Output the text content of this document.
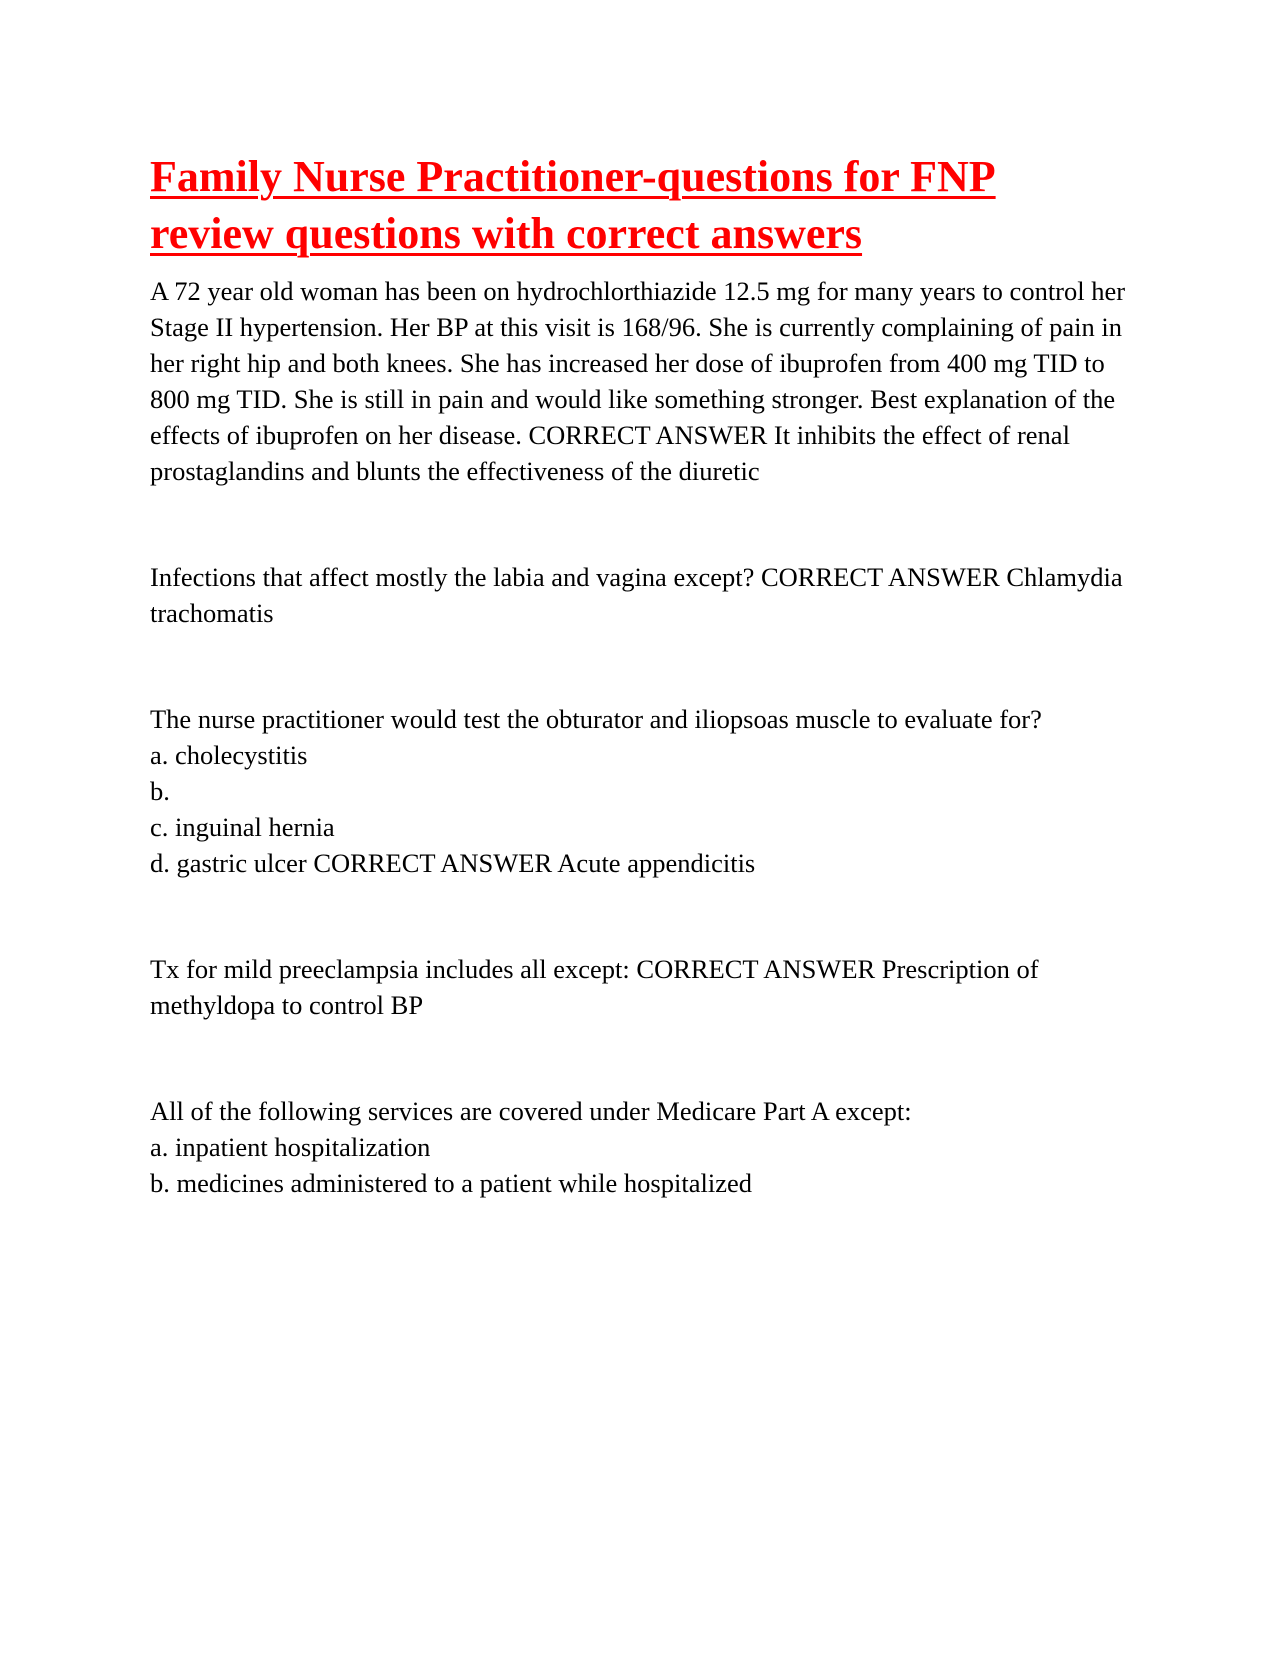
Family Nurse Practitioner-questions for FNP
review questions with correct answers

A 72 year old woman has been on hydrochlorthiazide 12.5 mg for many years to control her Stage II hypertension. Her BP at this visit is 168/96. She is currently complaining of pain in her right hip and both knees. She has increased her dose of ibuprofen from 400 mg TID to 800 mg TID. She is still in pain and would like something stronger. Best explanation of the effects of ibuprofen on her disease. CORRECT ANSWER It inhibits the effect of renal prostaglandins and blunts the effectiveness of the diuretic

Infections that affect mostly the labia and vagina except? CORRECT ANSWER Chlamydia trachomatis

The nurse practitioner would test the obturator and iliopsoas muscle to evaluate for?

a. cholecystitis

b.

c. inguinal hernia

d. gastric ulcer CORRECT ANSWER Acute appendicitis

Tx for mild preeclampsia includes all except: CORRECT ANSWER Prescription of methyldopa to control BP

All of the following services are covered under Medicare Part A except:

a. inpatient hospitalization

b. medicines administered to a patient while hospitalized
